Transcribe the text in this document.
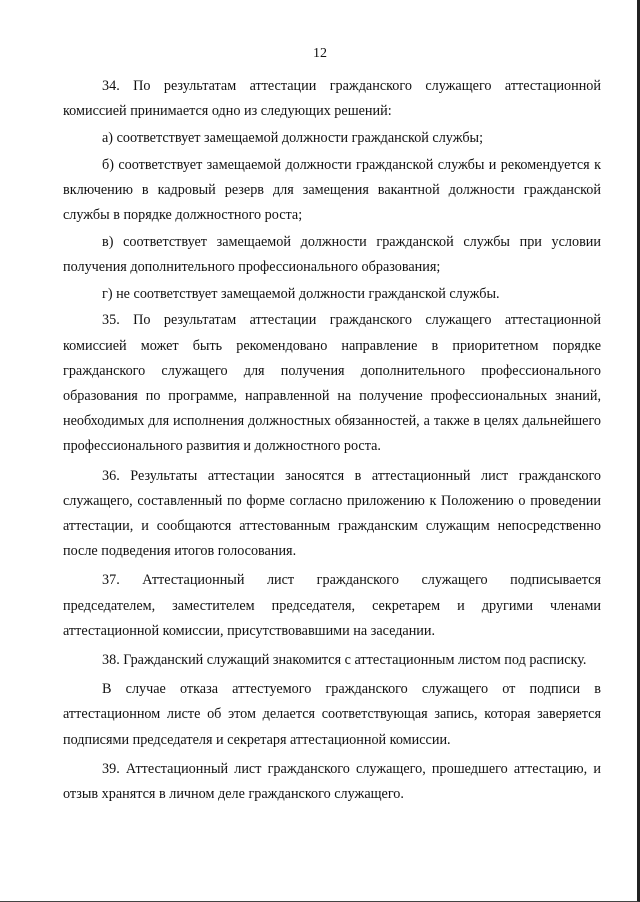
12

34. По результатам аттестации гражданского служащего аттестационной комиссией принимается одно из следующих решений:

а) соответствует замещаемой должности гражданской службы;

б) соответствует замещаемой должности гражданской службы и рекомендуется к включению в кадровый резерв для замещения вакантной должности гражданской службы в порядке должностного роста;

в) соответствует замещаемой должности гражданской службы при условии получения дополнительного профессионального образования;

г) не соответствует замещаемой должности гражданской службы.

35. По результатам аттестации гражданского служащего аттестационной комиссией может быть рекомендовано направление в приоритетном порядке гражданского служащего для получения дополнительного профессионального образования по программе, направленной на получение профессиональных знаний, необходимых для исполнения должностных обязанностей, а также в целях дальнейшего профессионального развития и должностного роста.

36. Результаты аттестации заносятся в аттестационный лист гражданского служащего, составленный по форме согласно приложению к Положению о проведении аттестации, и сообщаются аттестованным гражданским служащим непосредственно после подведения итогов голосования.

37. Аттестационный лист гражданского служащего подписывается председателем, заместителем председателя, секретарем и другими членами аттестационной комиссии, присутствовавшими на заседании.

38. Гражданский служащий знакомится с аттестационным листом под расписку.

В случае отказа аттестуемого гражданского служащего от подписи в аттестационном листе об этом делается соответствующая запись, которая заверяется подписями председателя и секретаря аттестационной комиссии.

39. Аттестационный лист гражданского служащего, прошедшего аттестацию, и отзыв хранятся в личном деле гражданского служащего.
